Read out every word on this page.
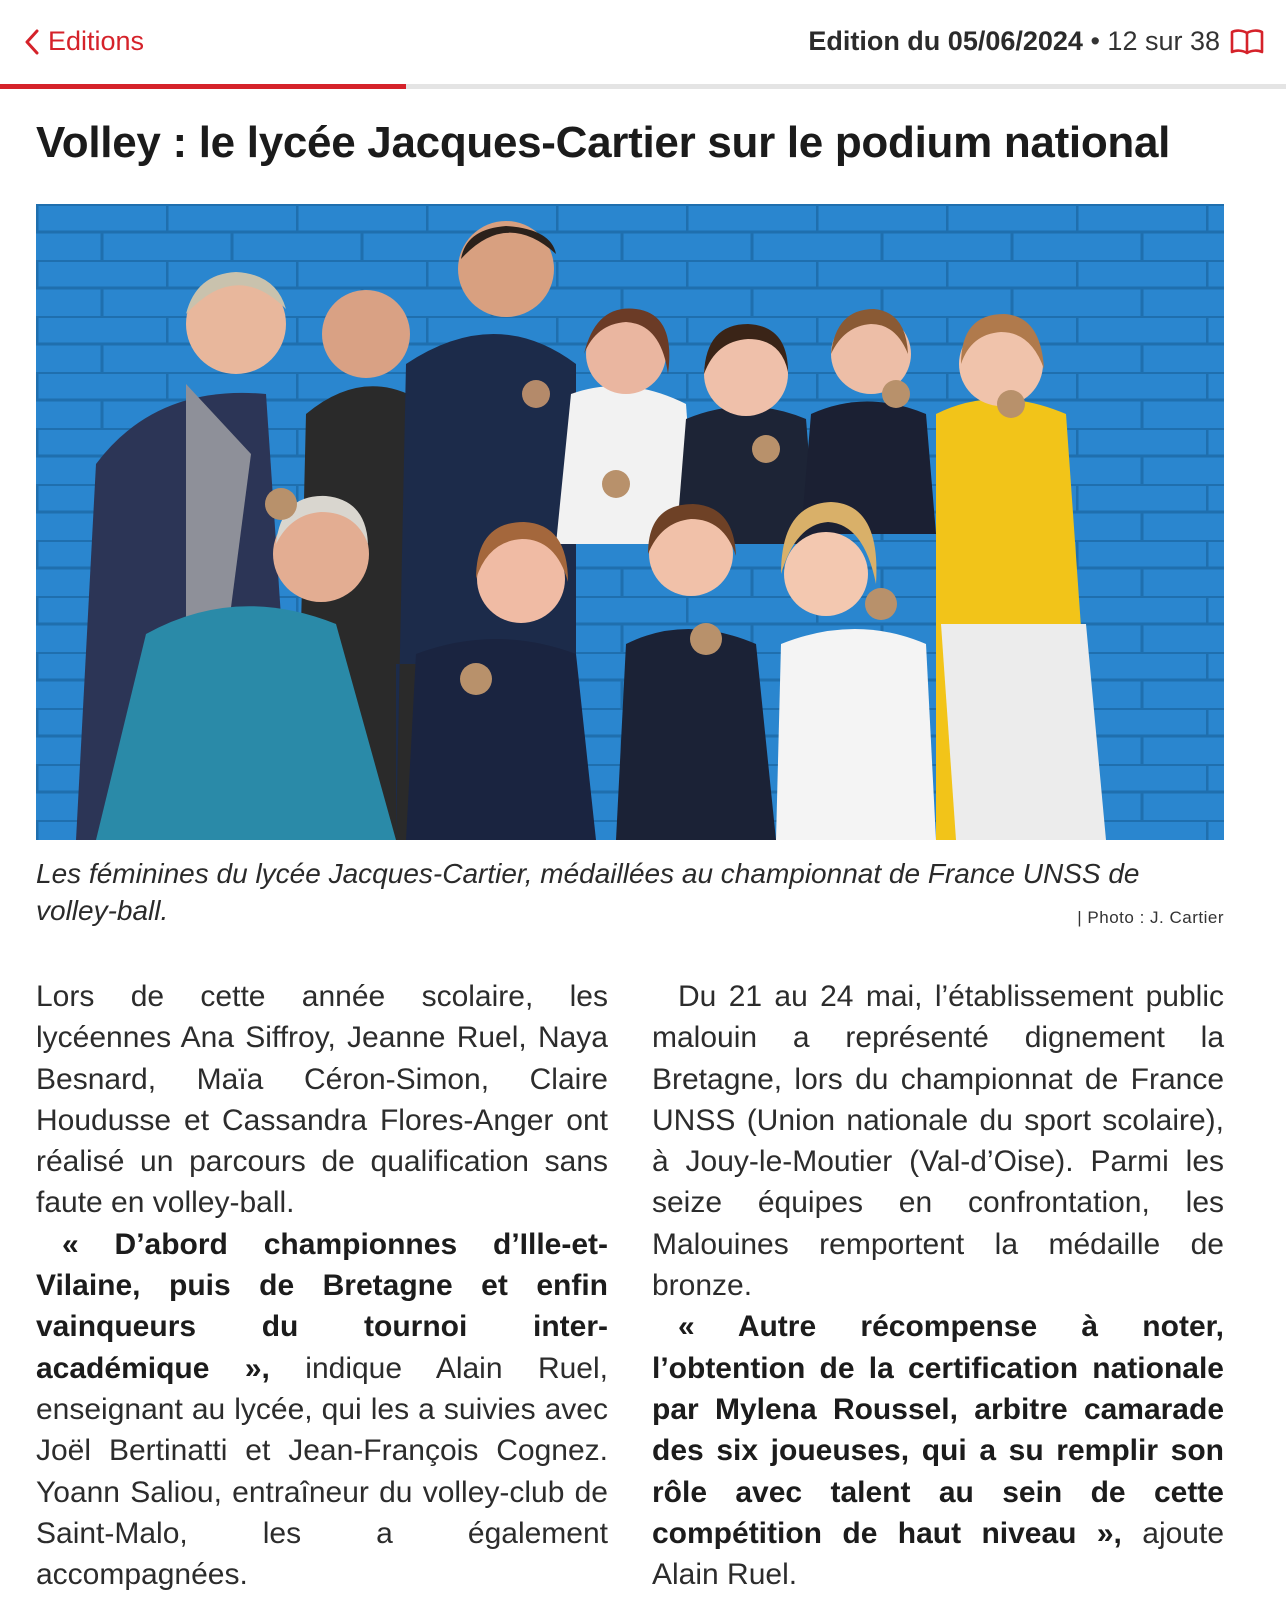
Editions	Edition du 05/06/2024 • 12 sur 38
Volley : le lycée Jacques-Cartier sur le podium national
Les féminines du lycée Jacques-Cartier, médaillées au championnat de France UNSS de volley-ball.	| Photo : J. Cartier

Lors de cette année scolaire, les lycéennes Ana Siffroy, Jeanne Ruel, Naya Besnard, Maïa Céron-Simon, Claire Houdusse et Cassandra Flores-Anger ont réalisé un parcours de qualification sans faute en volley-ball.

« D’abord championnes d’Ille-et-Vilaine, puis de Bretagne et enfin vainqueurs du tournoi inter-académique », indique Alain Ruel, enseignant au lycée, qui les a suivies avec Joël Bertinatti et Jean-François Cognez. Yoann Saliou, entraîneur du volley-club de Saint-Malo, les a également accompagnées.

Du 21 au 24 mai, l’établissement public malouin a représenté dignement la Bretagne, lors du championnat de France UNSS (Union nationale du sport scolaire), à Jouy-le-Moutier (Val-d’Oise). Parmi les seize équipes en confrontation, les Malouines remportent la médaille de bronze.

« Autre récompense à noter, l’obtention de la certification nationale par Mylena Roussel, arbitre camarade des six joueuses, qui a su remplir son rôle avec talent au sein de cette compétition de haut niveau », ajoute Alain Ruel.
